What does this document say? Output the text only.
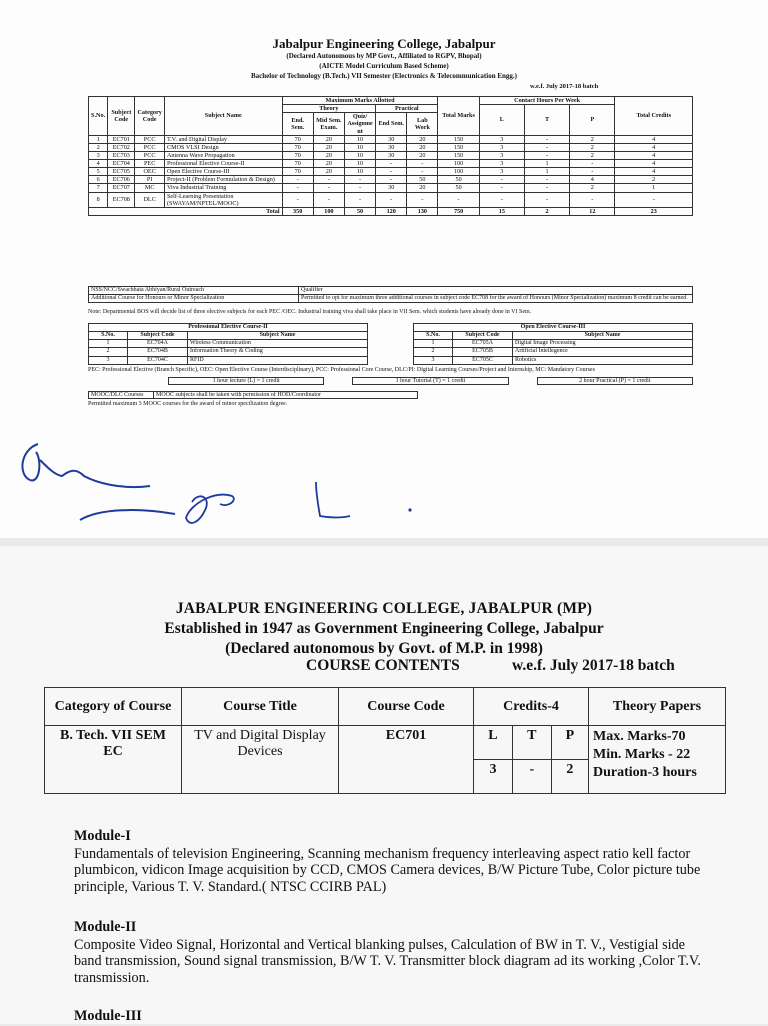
Jabalpur Engineering College, Jabalpur
(Declared Autonomous by MP Govt., Affiliated to RGPV, Bhopal)
(AICTE Model Curriculum Based Scheme)
Bachelor of Technology (B.Tech.) VII Semester (Electronics & Telecommunication Engg.)
w.e.f. July 2017-18 batch
S.No.	Subject Code	Category Code	Subject Name	Maximum Marks Allotted					Total Marks	Contact Hours Per Week			Total Credits
				Theory			Practical			L	T	P	
				End. Sem.	Mid Sem. Exam.	Quiz/ Assignme nt	End Sem.	Lab Work					
1	EC701	PCC	T.V. and Digital Display	70	20	10	30	20	150	3	-	2	4
2	EC702	PCC	CMOS VLSI Design	70	20	10	30	20	150	3	-	2	4
3	EC703	PCC	Antenna Wave Propagation	70	20	10	30	20	150	3	-	2	4
4	EC704	PEC	Professional Elective Course-II	70	20	10	-	-	100	3	1	-	4
5	EC705	OEC	Open Elective Course-III	70	20	10	-	-	100	3	1	-	4
6	EC706	PI	Project-II (Problem Formulation & Design)	-	-	-	-	50	50	-	-	4	2
7	EC707	MC	Viva Industrial Training	-	-	-	30	20	50	-	-	2	1
8	EC708	DLC	Self-Learning Presentation (SWAYAM/NPTEL/MOOC)	-	-	-	-	-	-	-	-	-	-
Total				350	100	50	120	130	750	15	2	12	23
NSS/NCC/Swachhata Abhiyan/Rural Outreach	Qualifier
Additional Course for Honours or Minor Specialization	Permitted to opt for maximum three additional courses in subject code EC708 for the award of Honours (Minor Specialization) maximum 8 credit can be earned.
Note: Departmental BOS will decide list of three elective subjects for each PEC /OEC. Industrial training viva shall take place in VII Sem. which students have already done in VI Sem.
Professional Elective Course-II		
S.No.	Subject Code	Subject Name
1	EC704A	Wireless Communication
2	EC704B	Information Theory & Coding
3	EC704C	RFID
Open Elective Course-III		
S.No.	Subject Code	Subject Name
1	EC705A	Digital Image Processing
2	EC705B	Artificial Intellegence
3	EC705C	Robotics
PEC: Professional Elective (Branch Specific), OEC: Open Elective Course (Interdisciplinary), PCC: Professional Core Course, DLC/PI: Digital Learning Courses/Project and Internship, MC: Mandatory Courses
1 hour lecture (L) = 1 credit	1 hour Tutorial (T) = 1 credit	2 hour Practical (P) = 1 credit
MOOC/DLC Courses	MOOC subjects shall be taken with permission of HOD/Coordinator
Permitted maximum 3 MOOC courses for the award of minor specilization degree.
JABALPUR ENGINEERING COLLEGE, JABALPUR (MP)
Established in 1947 as Government Engineering College, Jabalpur
(Declared autonomous by Govt. of M.P. in 1998)
COURSE CONTENTS	w.e.f. July 2017-18 batch
Category of Course	Course Title	Course Code	Credits-4			Theory Papers
B. Tech. VII SEM EC	TV and Digital Display Devices	EC701	L	T	P	Max. Marks-70
Min. Marks - 22
Duration-3 hours

			3	-	2	
Module-I
Fundamentals of television Engineering, Scanning mechanism frequency interleaving aspect ratio kell factor plumbicon, vidicon Image acquisition by CCD, CMOS Camera devices, B/W Picture Tube, Color picture tube principle, Various T. V. Standard.( NTSC CCIRB PAL)
Module-II
Composite Video Signal, Horizontal and Vertical blanking pulses, Calculation of BW in T. V., Vestigial side band transmission, Sound signal transmission, B/W T. V. Transmitter block diagram ad its working ,Color T.V. transmission.
Module-III
